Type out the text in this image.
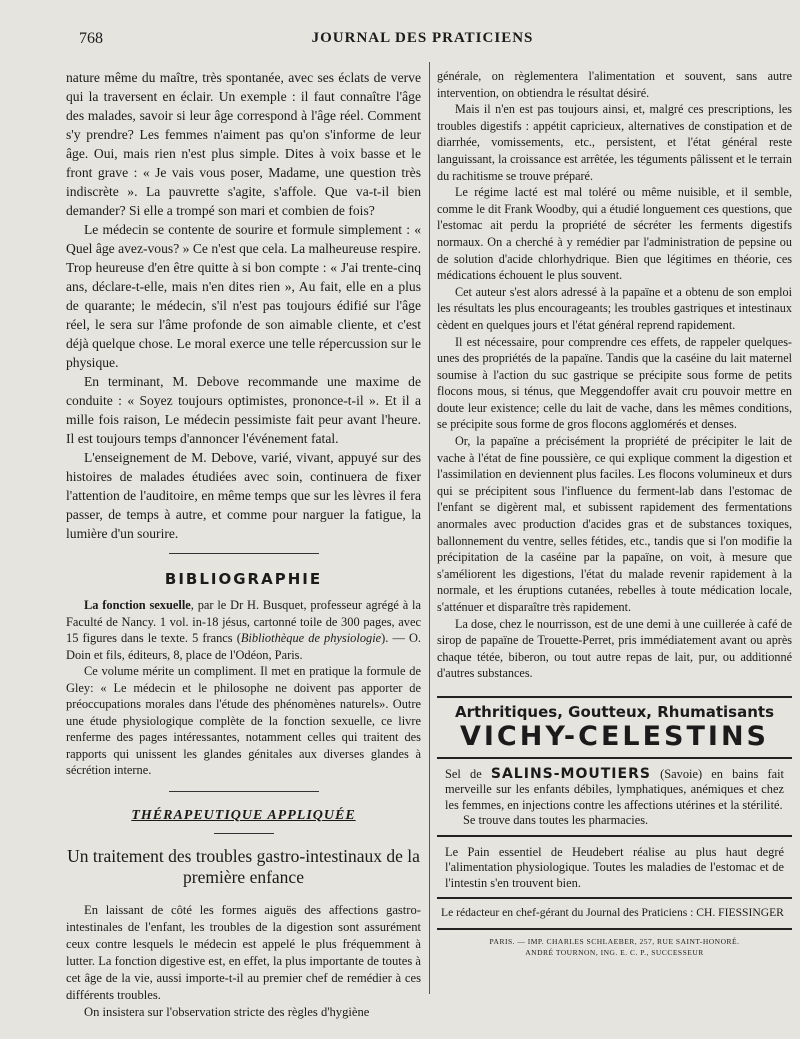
768	JOURNAL DES PRATICIENS

nature même du maître, très spontanée, avec ses éclats de verve qui la traversent en éclair. Un exemple : il faut connaître l'âge des malades, savoir si leur âge correspond à l'âge réel. Comment s'y prendre? Les femmes n'aiment pas qu'on s'informe de leur âge. Oui, mais rien n'est plus simple. Dites à voix basse et le front grave : « Je vais vous poser, Madame, une question très indiscrète ». La pauvrette s'agite, s'affole. Que va-t-il bien demander? Si elle a trompé son mari et combien de fois?

Le médecin se contente de sourire et formule simplement : « Quel âge avez-vous? » Ce n'est que cela. La malheureuse respire. Trop heureuse d'en être quitte à si bon compte : « J'ai trente-cinq ans, déclare-t-elle, mais n'en dites rien », Au fait, elle en a plus de quarante; le médecin, s'il n'est pas toujours édifié sur l'âge réel, le sera sur l'âme profonde de son aimable cliente, et c'est déjà quelque chose. Le moral exerce une telle répercussion sur le physique.

En terminant, M. Debove recommande une maxime de conduite : « Soyez toujours optimistes, prononce-t-il ». Et il a mille fois raison, Le médecin pessimiste fait peur avant l'heure. Il est toujours temps d'annoncer l'événement fatal.

L'enseignement de M. Debove, varié, vivant, appuyé sur des histoires de malades étudiées avec soin, continuera de fixer l'attention de l'auditoire, en même temps que sur les lèvres il fera passer, de temps à autre, et comme pour narguer la fatigue, la lumière d'un sourire.

BIBLIOGRAPHIE

La fonction sexuelle, par le Dr H. Busquet, professeur agrégé à la Faculté de Nancy. 1 vol. in-18 jésus, cartonné toile de 300 pages, avec 15 figures dans le texte. 5 francs (Bibliothèque de physiologie). — O. Doin et fils, éditeurs, 8, place de l'Odéon, Paris.

Ce volume mérite un compliment. Il met en pratique la formule de Gley: « Le médecin et le philosophe ne doivent pas apporter de préoccupations morales dans l'étude des phénomènes naturels». Outre une étude physiologique complète de la fonction sexuelle, ce livre renferme des pages intéressantes, notamment celles qui traitent des rapports qui unissent les glandes génitales aux diverses glandes à sécrétion interne.

THÉRAPEUTIQUE APPLIQUÉE
Un traitement des troubles gastro-intestinaux de la première enfance

En laissant de côté les formes aiguës des affections gastro-intestinales de l'enfant, les troubles de la digestion sont assurément ceux contre lesquels le médecin est appelé le plus fréquemment à lutter. La fonction digestive est, en effet, la plus importante de toutes à cet âge de la vie, aussi importe-t-il au premier chef de remédier à ces différents troubles.

On insistera sur l'observation stricte des règles d'hygiène

générale, on règlementera l'alimentation et souvent, sans autre intervention, on obtiendra le résultat désiré.

Mais il n'en est pas toujours ainsi, et, malgré ces prescriptions, les troubles digestifs : appétit capricieux, alternatives de constipation et de diarrhée, vomissements, etc., persistent, et l'état général reste languissant, la croissance est arrêtée, les téguments pâlissent et le terrain du rachitisme se trouve préparé.

Le régime lacté est mal toléré ou même nuisible, et il semble, comme le dit Frank Woodby, qui a étudié longuement ces questions, que l'estomac ait perdu la propriété de sécréter les ferments digestifs normaux. On a cherché à y remédier par l'administration de pepsine ou de solution d'acide chlorhydrique. Bien que légitimes en théorie, ces médications échouent le plus souvent.

Cet auteur s'est alors adressé à la papaïne et a obtenu de son emploi les résultats les plus encourageants; les troubles gastriques et intestinaux cèdent en quelques jours et l'état général reprend rapidement.

Il est nécessaire, pour comprendre ces effets, de rappeler quelques-unes des propriétés de la papaïne. Tandis que la caséine du lait maternel soumise à l'action du suc gastrique se précipite sous forme de petits flocons mous, si ténus, que Meggendoffer avait cru pouvoir mettre en doute leur existence; celle du lait de vache, dans les mêmes conditions, se précipite sous forme de gros flocons agglomérés et denses.

Or, la papaïne a précisément la propriété de précipiter le lait de vache à l'état de fine poussière, ce qui explique comment la digestion et l'assimilation en deviennent plus faciles. Les flocons volumineux et durs qui se précipitent sous l'influence du ferment-lab dans l'estomac de l'enfant se digèrent mal, et subissent rapidement des fermentations anormales avec production d'acides gras et de substances toxiques, ballonnement du ventre, selles fétides, etc., tandis que si l'on modifie la précipitation de la caséine par la papaïne, on voit, à mesure que s'améliorent les digestions, l'état du malade revenir rapidement à la normale, et les éruptions cutanées, rebelles à toute médication locale, s'atténuer et disparaître très rapidement.

La dose, chez le nourrisson, est de une demi à une cuillerée à café de sirop de papaïne de Trouette-Perret, pris immédiatement avant ou après chaque tétée, biberon, ou tout autre repas de lait, pur, ou additionné d'autres substances.

Arthritiques, Goutteux, Rhumatisants
VICHY-CELESTINS
Sel de SALINS-MOUTIERS (Savoie) en bains fait merveille sur les enfants débiles, lymphatiques, anémiques et chez les femmes, en injections contre les affections utérines et la stérilité.
Se trouve dans toutes les pharmacies.
Le Pain essentiel de Heudebert réalise au plus haut degré l'alimentation physiologique. Toutes les maladies de l'estomac et de l'intestin s'en trouvent bien.
Le rédacteur en chef-gérant du Journal des Praticiens : CH. FIESSINGER
PARIS. — IMP. CHARLES SCHLAEBER, 257, RUE SAINT-HONORÉ.
ANDRÉ TOURNON, ING. E. C. P., SUCCESSEUR
